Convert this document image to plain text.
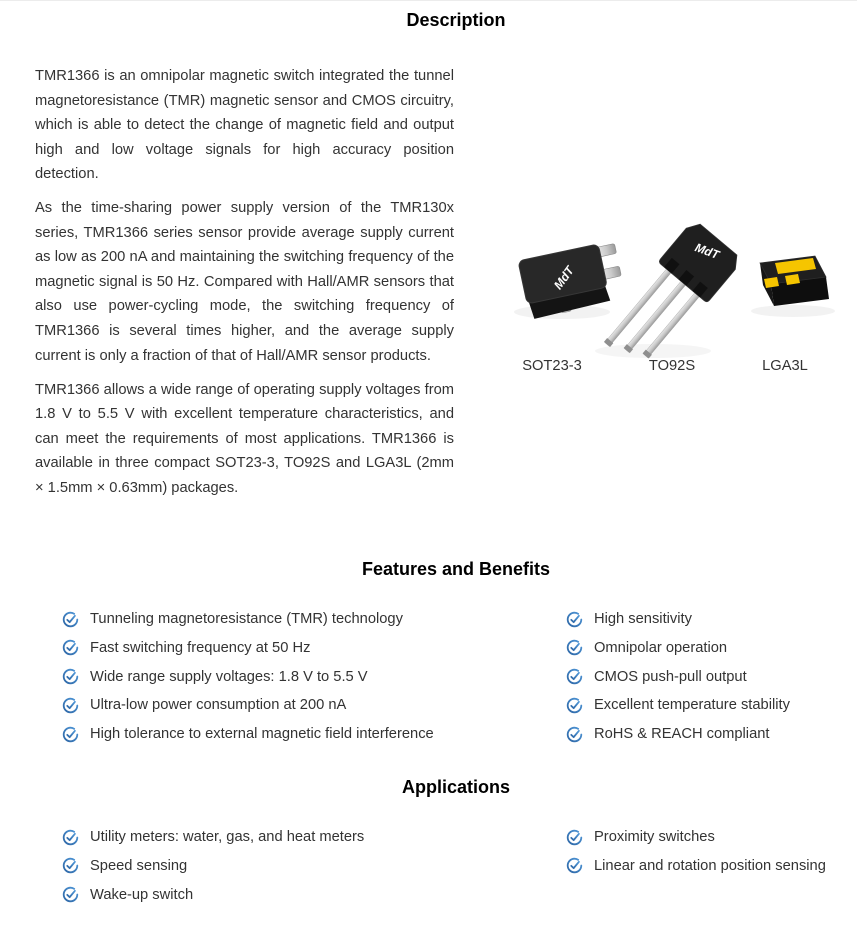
Description

TMR1366 is an omnipolar magnetic switch integrated the tunnel magnetoresistance (TMR) magnetic sensor and CMOS circuitry, which is able to detect the change of magnetic field and output high and low voltage signals for high accuracy position detection.

As the time-sharing power supply version of the TMR130x series, TMR1366 series sensor provide average supply current as low as 200 nA and maintaining the switching frequency of the magnetic signal is 50 Hz. Compared with Hall/AMR sensors that also use power-cycling mode, the switching frequency of TMR1366 is several times higher, and the average supply current is only a fraction of that of Hall/AMR sensor products.

TMR1366 allows a wide range of operating supply voltages from 1.8 V to 5.5 V with excellent temperature characteristics, and can meet the requirements of most applications. TMR1366 is available in three compact SOT23-3, TO92S and LGA3L (2mm × 1.5mm × 0.63mm) packages.

MdT
MdT
SOT23-3	TO92S	LGA3L
Features and Benefits
Tunneling magnetoresistance (TMR) technology
Fast switching frequency at 50 Hz
Wide range supply voltages: 1.8 V to 5.5 V
Ultra-low power consumption at 200 nA
High tolerance to external magnetic field interference
High sensitivity
Omnipolar operation
CMOS push-pull output
Excellent temperature stability
RoHS & REACH compliant
Applications
Utility meters: water, gas, and heat meters
Speed sensing
Wake-up switch
Proximity switches
Linear and rotation position sensing
